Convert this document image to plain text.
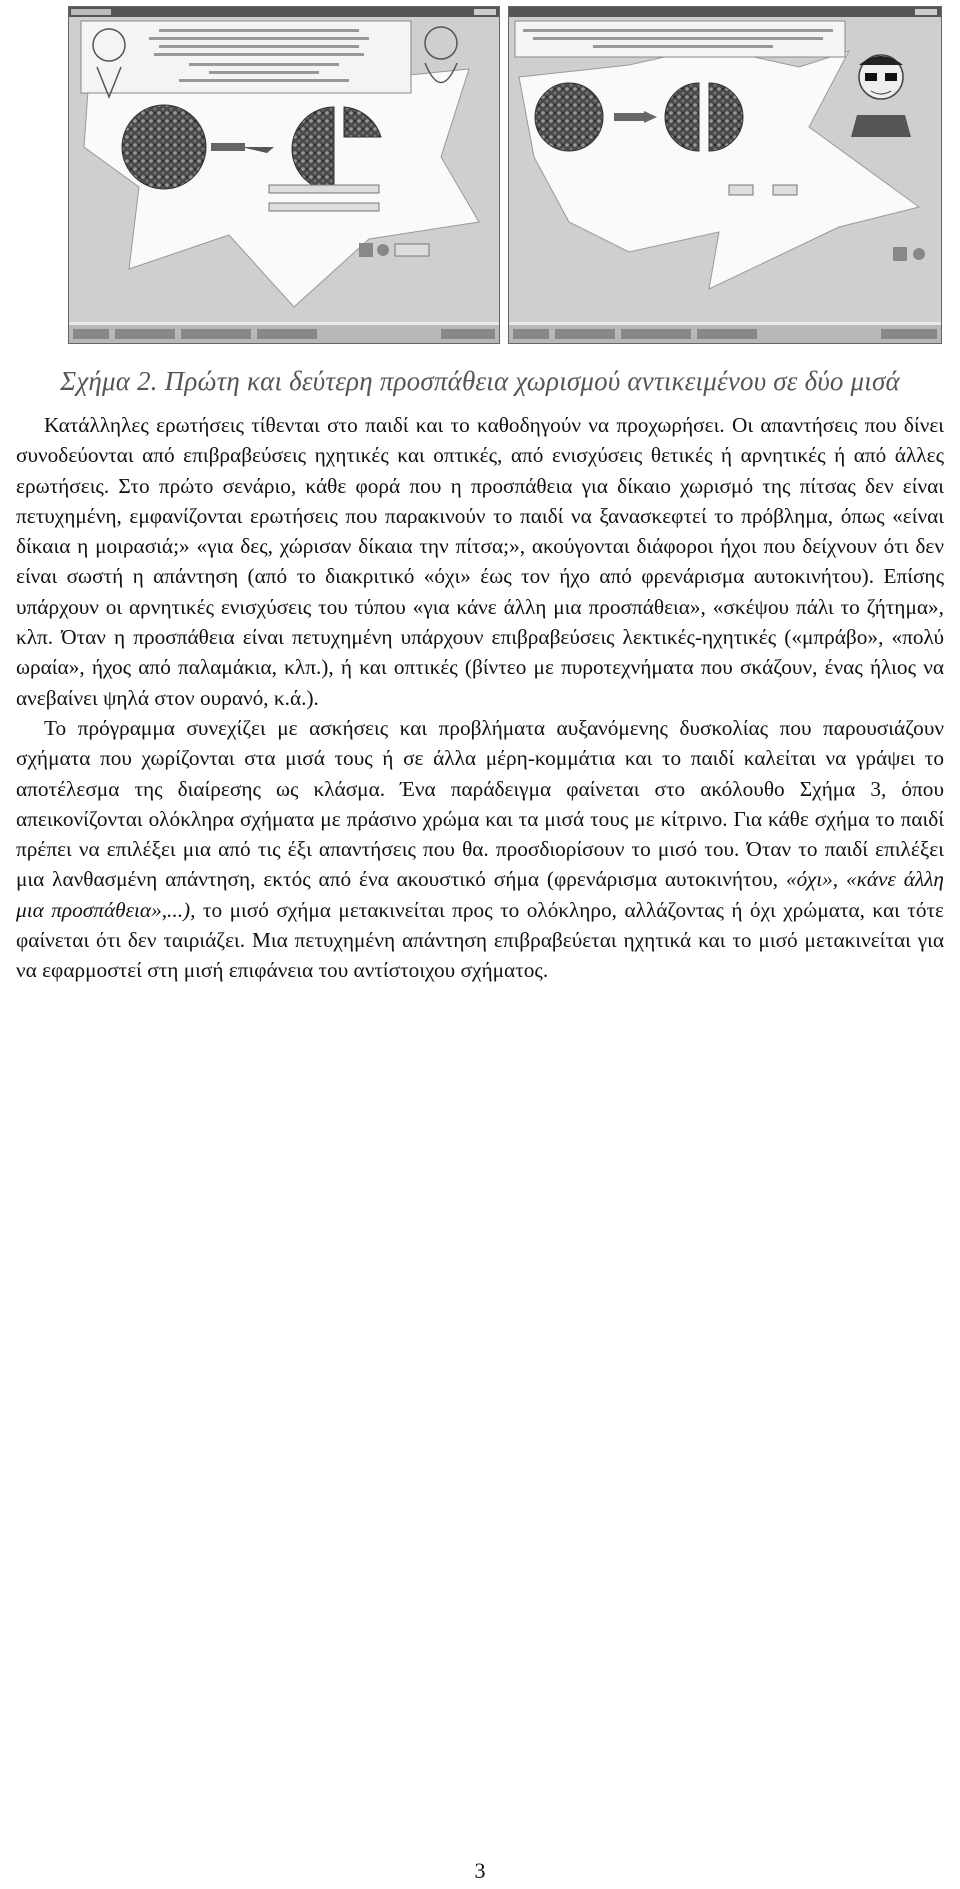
Σχήμα 2. Πρώτη και δεύτερη προσπάθεια χωρισμού αντικειμένου σε δύο μισά

Κατάλληλες ερωτήσεις τίθενται στο παιδί και το καθοδηγούν να προχωρήσει. Οι απαντήσεις που δίνει συνοδεύονται από επιβραβεύσεις ηχητικές και οπτικές, από ενισχύσεις θετικές ή αρνητικές ή από άλλες ερωτήσεις. Στο πρώτο σενάριο, κάθε φορά που η προσπάθεια για δίκαιο χωρισμό της πίτσας δεν είναι πετυχημένη, εμφανίζονται ερωτήσεις που παρακινούν το παιδί να ξανασκεφτεί το πρόβλημα, όπως «είναι δίκαια η μοιρασιά;» «για δες, χώρισαν δίκαια την πίτσα;», ακούγονται διάφοροι ήχοι που δείχνουν ότι δεν είναι σωστή η απάντηση (από το διακριτικό «όχι» έως τον ήχο από φρενάρισμα αυτοκινήτου). Επίσης υπάρχουν οι αρνητικές ενισχύσεις του τύπου «για κάνε άλλη μια προσπάθεια», «σκέψου πάλι το ζήτημα», κλπ. Όταν η προσπάθεια είναι πετυχημένη υπάρχουν επιβραβεύσεις λεκτικές-ηχητικές («μπράβο», «πολύ ωραία», ήχος από παλαμάκια, κλπ.), ή και οπτικές (βίντεο με πυροτεχνήματα που σκάζουν, ένας ήλιος να ανεβαίνει ψηλά στον ουρανό, κ.ά.).

Το πρόγραμμα συνεχίζει με ασκήσεις και προβλήματα αυξανόμενης δυσκολίας που παρουσιάζουν σχήματα που χωρίζονται στα μισά τους ή σε άλλα μέρη-κομμάτια και το παιδί καλείται να γράψει το αποτέλεσμα της διαίρεσης ως κλάσμα. Ένα παράδειγμα φαίνεται στο ακόλουθο Σχήμα 3, όπου απεικονίζονται ολόκληρα σχήματα με πράσινο χρώμα και τα μισά τους με κίτρινο. Για κάθε σχήμα το παιδί πρέπει να επιλέξει μια από τις έξι απαντήσεις που θα. προσδιορίσουν το μισό του. Όταν το παιδί επιλέξει μια λανθασμένη απάντηση, εκτός από ένα ακουστικό σήμα (φρενάρισμα αυτοκινήτου, «όχι», «κάνε άλλη μια προσπάθεια»,...), το μισό σχήμα μετακινείται προς το ολόκληρο, αλλάζοντας ή όχι χρώματα, και τότε φαίνεται ότι δεν ταιριάζει. Μια πετυχημένη απάντηση επιβραβεύεται ηχητικά και το μισό μετακινείται για να εφαρμοστεί στη μισή επιφάνεια του αντίστοιχου σχήματος.

3
